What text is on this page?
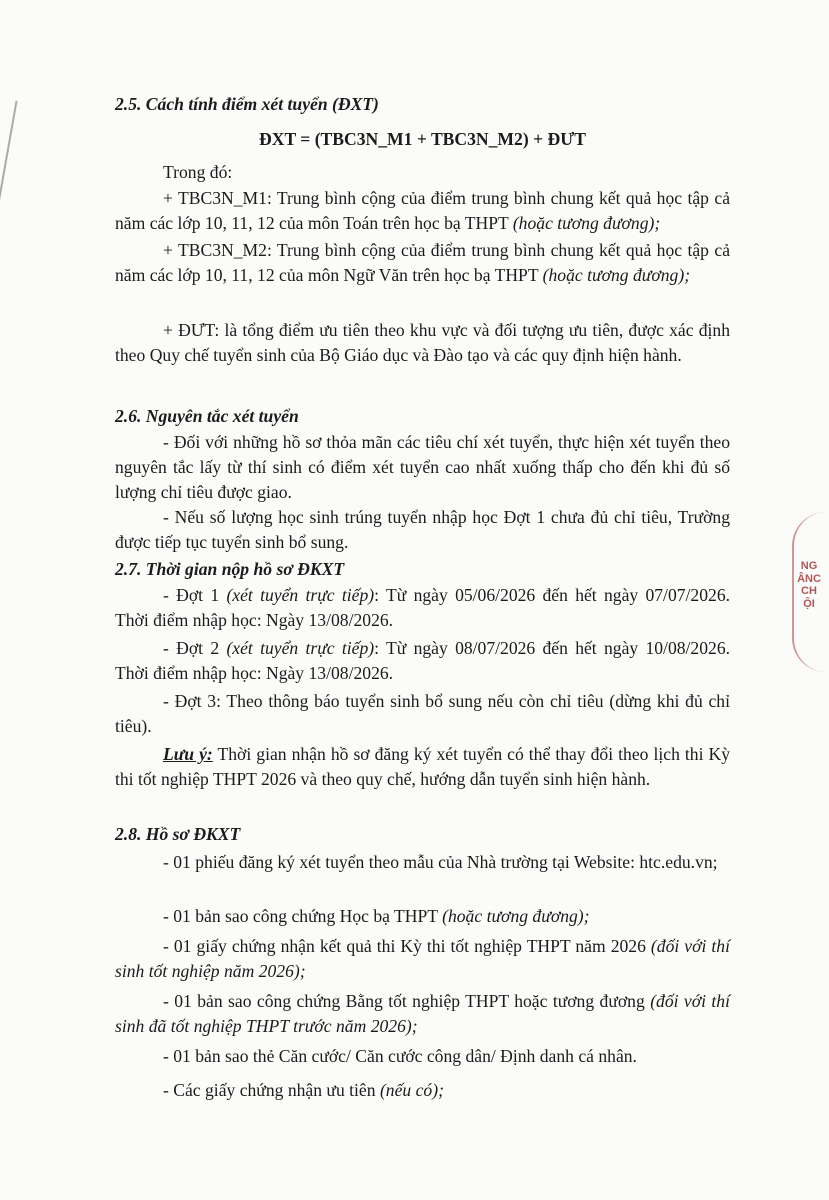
NG ÂNC CH ỘI

2.5. Cách tính điểm xét tuyển (ĐXT)

ĐXT = (TBC3N_M1 + TBC3N_M2) + ĐƯT

Trong đó:

+ TBC3N_M1: Trung bình cộng của điểm trung bình chung kết quả học tập cả năm các lớp 10, 11, 12 của môn Toán trên học bạ THPT (hoặc tương đương);

+ TBC3N_M2: Trung bình cộng của điểm trung bình chung kết quả học tập cả năm các lớp 10, 11, 12 của môn Ngữ Văn trên học bạ THPT (hoặc tương đương);

+ ĐƯT: là tổng điểm ưu tiên theo khu vực và đối tượng ưu tiên, được xác định theo Quy chế tuyển sinh của Bộ Giáo dục và Đào tạo và các quy định hiện hành.

2.6. Nguyên tắc xét tuyển

- Đối với những hồ sơ thỏa mãn các tiêu chí xét tuyển, thực hiện xét tuyển theo nguyên tắc lấy từ thí sinh có điểm xét tuyển cao nhất xuống thấp cho đến khi đủ số lượng chỉ tiêu được giao.

- Nếu số lượng học sinh trúng tuyển nhập học Đợt 1 chưa đủ chỉ tiêu, Trường được tiếp tục tuyển sinh bổ sung.

2.7. Thời gian nộp hồ sơ ĐKXT

- Đợt 1 (xét tuyển trực tiếp): Từ ngày 05/06/2026 đến hết ngày 07/07/2026. Thời điểm nhập học: Ngày 13/08/2026.

- Đợt 2 (xét tuyển trực tiếp): Từ ngày 08/07/2026 đến hết ngày 10/08/2026. Thời điểm nhập học: Ngày 13/08/2026.

- Đợt 3: Theo thông báo tuyển sinh bổ sung nếu còn chỉ tiêu (dừng khi đủ chỉ tiêu).

Lưu ý: Thời gian nhận hồ sơ đăng ký xét tuyển có thể thay đổi theo lịch thi Kỳ thi tốt nghiệp THPT 2026 và theo quy chế, hướng dẫn tuyển sinh hiện hành.

2.8. Hồ sơ ĐKXT

- 01 phiếu đăng ký xét tuyển theo mẫu của Nhà trường tại Website: htc.edu.vn;

- 01 bản sao công chứng Học bạ THPT (hoặc tương đương);

- 01 giấy chứng nhận kết quả thi Kỳ thi tốt nghiệp THPT năm 2026 (đối với thí sinh tốt nghiệp năm 2026);

- 01 bản sao công chứng Bằng tốt nghiệp THPT hoặc tương đương (đối với thí sinh đã tốt nghiệp THPT trước năm 2026);

- 01 bản sao thẻ Căn cước/ Căn cước công dân/ Định danh cá nhân.

- Các giấy chứng nhận ưu tiên (nếu có);
